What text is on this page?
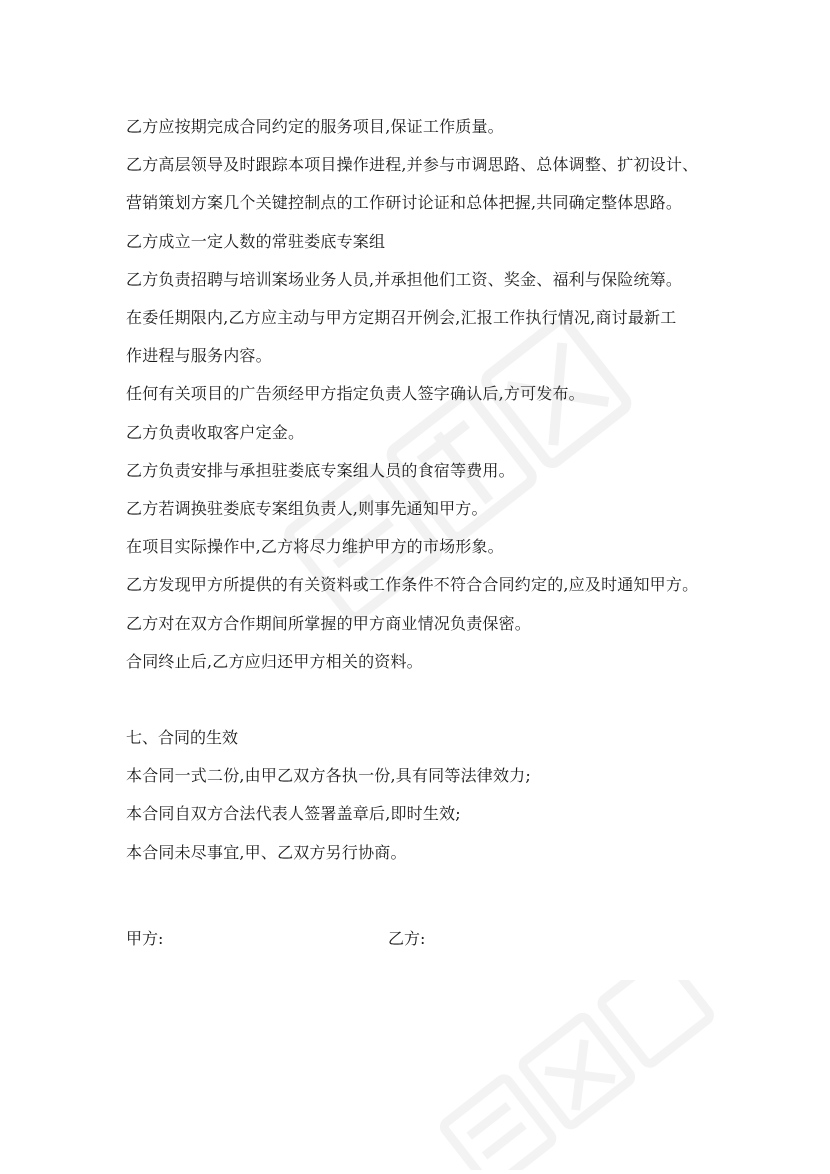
乙方应按期完成合同约定的服务项目,保证工作质量。
乙方高层领导及时跟踪本项目操作进程,并参与市调思路、总体调整、扩初设计、
营销策划方案几个关键控制点的工作研讨论证和总体把握,共同确定整体思路。
乙方成立一定人数的常驻娄底专案组
乙方负责招聘与培训案场业务人员,并承担他们工资、奖金、福利与保险统筹。
在委任期限内,乙方应主动与甲方定期召开例会,汇报工作执行情况,商讨最新工
作进程与服务内容。
任何有关项目的广告须经甲方指定负责人签字确认后,方可发布。
乙方负责收取客户定金。
乙方负责安排与承担驻娄底专案组人员的食宿等费用。
乙方若调换驻娄底专案组负责人,则事先通知甲方。
在项目实际操作中,乙方将尽力维护甲方的市场形象。
乙方发现甲方所提供的有关资料或工作条件不符合合同约定的,应及时通知甲方。
乙方对在双方合作期间所掌握的甲方商业情况负责保密。
合同终止后,乙方应归还甲方相关的资料。
七、合同的生效
本合同一式二份,由甲乙双方各执一份,具有同等法律效力;
本合同自双方合法代表人签署盖章后,即时生效;
本合同未尽事宜,甲、乙双方另行协商。
甲方:	乙方:
